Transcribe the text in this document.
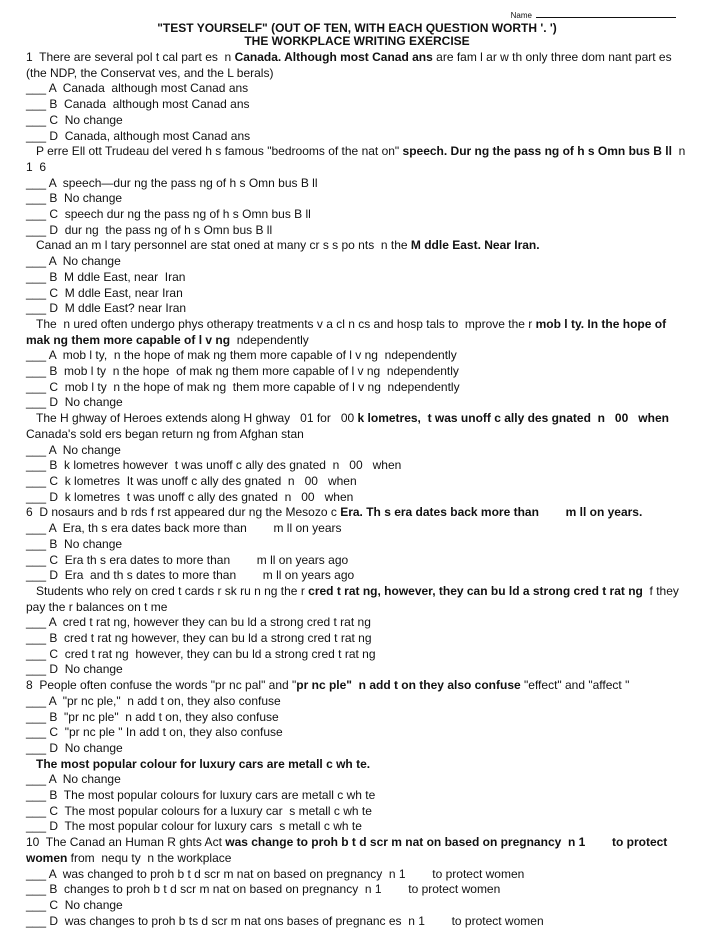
Name
"TEST YOURSELF" (OUT OF TEN, WITH EACH QUESTION WORTH '. ')
THE WORKPLACE WRITING EXERCISE
1  There are several pol t cal part es  n Canada. Although most Canad ans are fam l ar w th only three dom nant part es (the NDP, the Conservat ves, and the L berals)
___ A  Canada  although most Canad ans
___ B  Canada  although most Canad ans
___ C  No change
___ D  Canada, although most Canad ans
P erre Ell ott Trudeau del vered h s famous "bedrooms of the nat on" speech. Dur ng the pass ng of h s Omn bus B ll  n 1  6
___ A  speech—dur ng the pass ng of h s Omn bus B ll
___ B  No change
___ C  speech dur ng the pass ng of h s Omn bus B ll
___ D  dur ng  the pass ng of h s Omn bus B ll
Canad an m l tary personnel are stat oned at many cr s s po nts  n the M ddle East. Near Iran.
___ A  No change
___ B  M ddle East, near  Iran
___ C  M ddle East, near Iran
___ D  M ddle East? near Iran
The  n ured often undergo phys otherapy treatments v a cl n cs and hosp tals to  mprove the r mob l ty. In the hope of mak ng them more capable of l v ng  ndependently
___ A  mob l ty,  n the hope of mak ng them more capable of l v ng  ndependently
___ B  mob l ty  n the hope  of mak ng them more capable of l v ng  ndependently
___ C  mob l ty  n the hope of mak ng  them more capable of l v ng  ndependently
___ D  No change
The H ghway of Heroes extends along H ghway   01 for   00 k lometres,  t was unoff c ally des gnated  n   00   when Canada's sold ers began return ng from Afghan stan
___ A  No change
___ B  k lometres however  t was unoff c ally des gnated  n   00   when
___ C  k lometres  It was unoff c ally des gnated  n   00   when
___ D  k lometres  t was unoff c ally des gnated  n   00   when
6  D nosaurs and b rds f rst appeared dur ng the Mesozo c Era. Th s era dates back more than        m ll on years.
___ A  Era, th s era dates back more than        m ll on years
___ B  No change
___ C  Era th s era dates to more than        m ll on years ago
___ D  Era  and th s dates to more than        m ll on years ago
Students who rely on cred t cards r sk ru n ng the r cred t rat ng, however, they can bu ld a strong cred t rat ng  f they pay the r balances on t me
___ A  cred t rat ng, however they can bu ld a strong cred t rat ng
___ B  cred t rat ng however, they can bu ld a strong cred t rat ng
___ C  cred t rat ng  however, they can bu ld a strong cred t rat ng
___ D  No change
8  People often confuse the words "pr nc pal" and "pr nc ple"  n add t on they also confuse "effect" and "affect "
___ A  "pr nc ple,"  n add t on, they also confuse
___ B  "pr nc ple"  n add t on, they also confuse
___ C  "pr nc ple " In add t on, they also confuse
___ D  No change
The most popular colour for luxury cars are metall c wh te.
___ A  No change
___ B  The most popular colours for luxury cars are metall c wh te
___ C  The most popular colours for a luxury car  s metall c wh te
___ D  The most popular colour for luxury cars  s metall c wh te
10  The Canad an Human R ghts Act was change to proh b t d scr m nat on based on pregnancy  n 1        to protect women from  nequ ty  n the workplace
___ A  was changed to proh b t d scr m nat on based on pregnancy  n 1        to protect women
___ B  changes to proh b t d scr m nat on based on pregnancy  n 1        to protect women
___ C  No change
___ D  was changes to proh b ts d scr m nat ons bases of pregnanc es  n 1        to protect women
